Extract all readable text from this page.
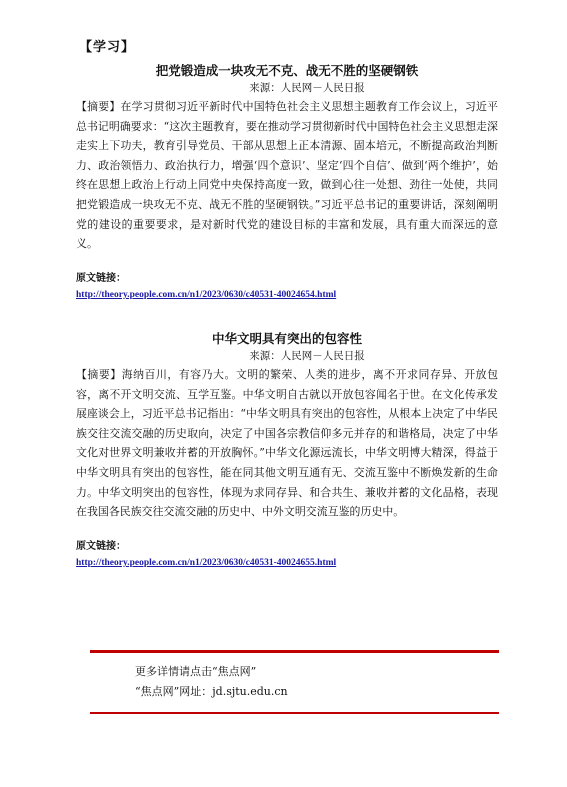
【学习】
把党锻造成一块攻无不克、战无不胜的坚硬钢铁
来源：人民网－人民日报

【摘要】在学习贯彻习近平新时代中国特色社会主义思想主题教育工作会议上，习近平总书记明确要求：“这次主题教育，要在推动学习贯彻新时代中国特色社会主义思想走深走实上下功夫，教育引导党员、干部从思想上正本清源、固本培元，不断提高政治判断力、政治领悟力、政治执行力，增强‘四个意识’、坚定‘四个自信’、做到‘两个维护’，始终在思想上政治上行动上同党中央保持高度一致，做到心往一处想、劲往一处使，共同把党锻造成一块攻无不克、战无不胜的坚硬钢铁。”习近平总书记的重要讲话，深刻阐明党的建设的重要要求，是对新时代党的建设目标的丰富和发展，具有重大而深远的意义。

原文链接：
http://theory.people.com.cn/n1/2023/0630/c40531-40024654.html
中华文明具有突出的包容性
来源：人民网－人民日报

【摘要】海纳百川，有容乃大。文明的繁荣、人类的进步，离不开求同存异、开放包容，离不开文明交流、互学互鉴。中华文明自古就以开放包容闻名于世。在文化传承发展座谈会上，习近平总书记指出：“中华文明具有突出的包容性，从根本上决定了中华民族交往交流交融的历史取向，决定了中国各宗教信仰多元并存的和谐格局，决定了中华文化对世界文明兼收并蓄的开放胸怀。”中华文化源远流长，中华文明博大精深，得益于中华文明具有突出的包容性，能在同其他文明互通有无、交流互鉴中不断焕发新的生命力。中华文明突出的包容性，体现为求同存异、和合共生、兼收并蓄的文化品格，表现在我国各民族交往交流交融的历史中、中外文明交流互鉴的历史中。

原文链接：
http://theory.people.com.cn/n1/2023/0630/c40531-40024655.html
更多详情请点击“焦点网”
“焦点网”网址：jd.sjtu.edu.cn
